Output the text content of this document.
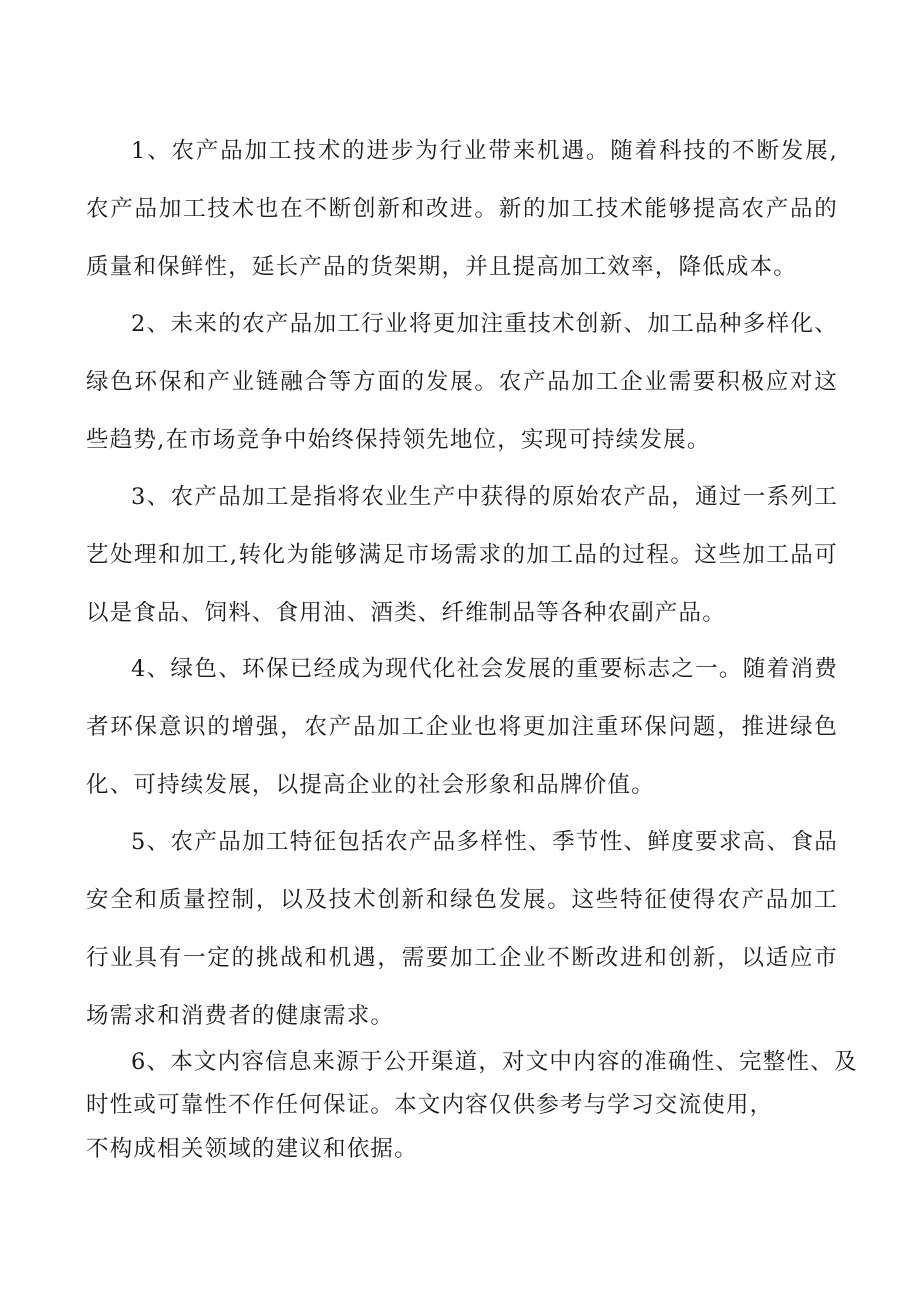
1、农产品加工技术的进步为行业带来机遇。随着科技的不断发展,农产品加工技术也在不断创新和改进。新的加工技术能够提高农产品的质量和保鲜性，延长产品的货架期，并且提高加工效率，降低成本。

2、未来的农产品加工行业将更加注重技术创新、加工品种多样化、绿色环保和产业链融合等方面的发展。农产品加工企业需要积极应对这些趋势,在市场竞争中始终保持领先地位，实现可持续发展。

3、农产品加工是指将农业生产中获得的原始农产品，通过一系列工艺处理和加工,转化为能够满足市场需求的加工品的过程。这些加工品可以是食品、饲料、食用油、酒类、纤维制品等各种农副产品。

4、绿色、环保已经成为现代化社会发展的重要标志之一。随着消费者环保意识的增强，农产品加工企业也将更加注重环保问题，推进绿色化、可持续发展，以提高企业的社会形象和品牌价值。

5、农产品加工特征包括农产品多样性、季节性、鲜度要求高、食品安全和质量控制，以及技术创新和绿色发展。这些特征使得农产品加工行业具有一定的挑战和机遇，需要加工企业不断改进和创新，以适应市场需求和消费者的健康需求。

6、本文内容信息来源于公开渠道，对文中内容的准确性、完整性、及

时性或可靠性不作任何保证。本文内容仅供参考与学习交流使用，

不构成相关领域的建议和依据。
